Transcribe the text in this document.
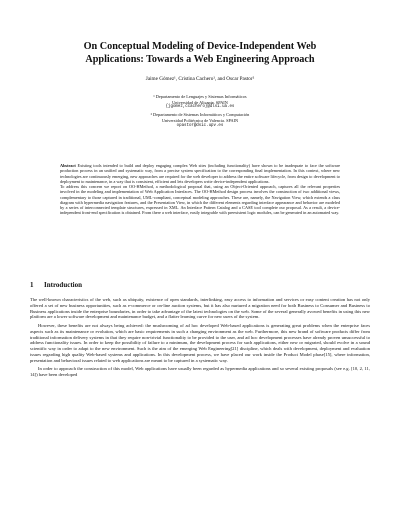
On Conceptual Modeling of Device-Independent Web
Applications: Towards a Web Engineering Approach
Jaime Gómez¹, Cristina Cachero¹, and Oscar Pastor²
¹ Departamento de Lenguajes y Sistemas Informáticos
Universidad de Alicante. SPAIN
{jgomez,ccachero}@dlsi.ua.es
² Departamento de Sistemas Informáticos y Computación
Universidad Politécnica de Valencia. SPAIN
opastor@dsic.upv.es

Abstract Existing tools intended to build and deploy engaging complex Web sites (including functionality) have shown to be inadequate to face the software production process in an unified and systematic way, from a precise system specification to the corresponding final implementation. In this context, where new technologies are continuously emerging, new approaches are required for the web developer to address the entire software lifecycle, from design to development to deployment to maintenance, in a way that is consistent, efficient and lets developers write device-independent applications.

To address this concern we report on OO-HMethod, a methodological proposal that, using an Object-Oriented approach, captures all the relevant properties involved in the modeling and implementation of Web Application Interfaces. The OO-HMethod design process involves the construction of two additional views, complementary to those captured in traditional, UML-compliant, conceptual modeling approaches. These are, namely, the Navigation View, which extends a class diagram with hypermedia navigation features, and the Presentation View, in which the different elements regarding interface appearance and behavior are modeled by a series of interconnected template structures, expressed in XML. An Interface Pattern Catalog and a CASE tool complete our proposal. As a result, a device-independent front-end specification is obtained. From there a web interface, easily integrable with preexistent logic modules, can be generated in an automated way.

1 Introduction

The well-known characteristics of the web, such as ubiquity, existence of open standards, interlinking, easy access to information and services or easy content creation has not only offered a set of new business opportunities, such as e-commerce or on-line auction systems, but it has also nurtured a migration need for both Business to Consumer and Business to Business applications inside the enterprise boundaries, in order to take advantage of the latest technologies on the web. Some of the several generally avowed benefits in using this new platform are a lower software development and maintenance budget, and a flatter learning curve for new users of the system.

However, these benefits are not always being achieved: the mushrooming of ad hoc developed Web-based applications is generating great problems when the enterprise faces aspects such as its maintenance or evolution, which are basic requirements in such a changing environment as the web. Furthermore, this new brand of software products differ from traditional information delivery systems in that they require non-trivial functionality to be provided to the user, and ad hoc development processes have already proven unsuccessful to address functionality issues. In order to keep the possibility of failure to a minimum, the development process for such applications, either new or migrated, should evolve in a sound scientific way in order to adapt to the new environment. Such is the aim of the emerging Web Engineering[21] discipline, which deals with development, deployment and evaluation issues regarding high quality Web-based systems and applications. In this development process, we have placed our work inside the Product Model phase[15], where information, presentation and behavioral issues related to web applications are meant to be captured in a systematic way.

In order to approach the construction of this model, Web applications have usually been regarded as hypermedia applications and so several existing proposals (see e.g. [10, 2, 11, 14]) have been developed
